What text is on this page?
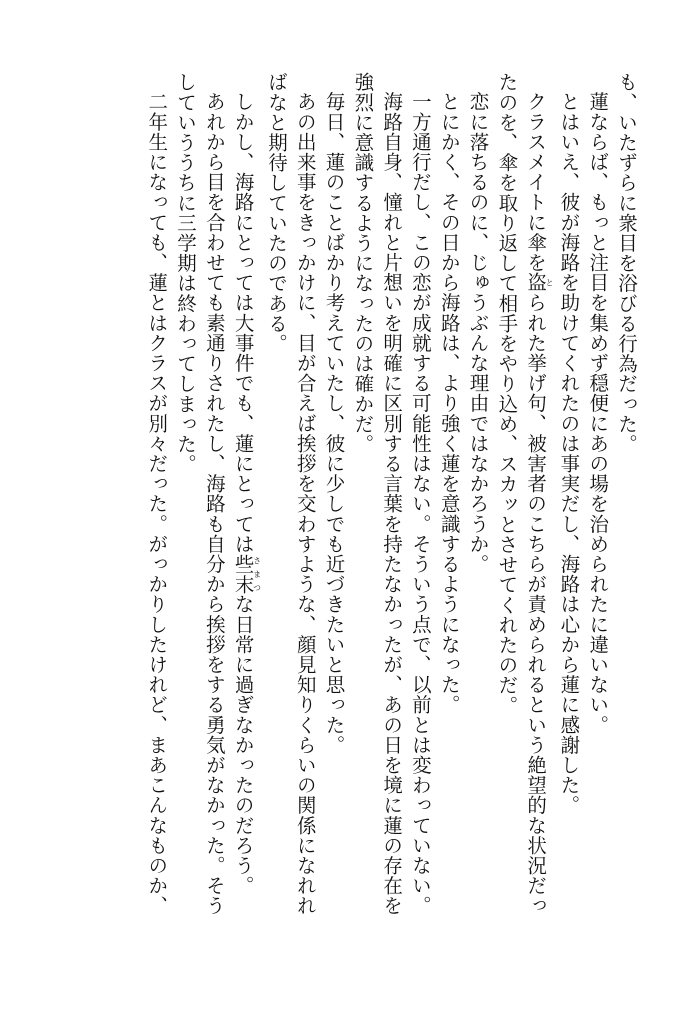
も、いたずらに衆目を浴びる行為だった。
蓮ならば、もっと注目を集めず穏便にあの場を治められたに違いない。
とはいえ、彼が海路を助けてくれたのは事実だし、海路は心から蓮に感謝した。
クラスメイトに傘を盗とられた挙げ句、被害者のこちらが責められるという絶望的な状況だっ
たのを、傘を取り返して相手をやり込め、スカッとさせてくれたのだ。
恋に落ちるのに、じゅうぶんな理由ではなかろうか。
とにかく、その日から海路は、より強く蓮を意識するようになった。
一方通行だし、この恋が成就する可能性はない。そういう点で、以前とは変わっていない。
海路自身、憧れと片想いを明確に区別する言葉を持たなかったが、あの日を境に蓮の存在を
強烈に意識するようになったのは確かだ。
毎日、蓮のことばかり考えていたし、彼に少しでも近づきたいと思った。
あの出来事をきっかけに、目が合えば挨拶を交わすような、顔見知りくらいの関係になれれ
ばなと期待していたのである。
しかし、海路にとっては大事件でも、蓮にとっては些末さまつな日常に過ぎなかったのだろう。
あれから目を合わせても素通りされたし、海路も自分から挨拶をする勇気がなかった。そう
していううちに三学期は終わってしまった。
二年生になっても、蓮とはクラスが別々だった。がっかりしたけれど、まあこんなものか、
